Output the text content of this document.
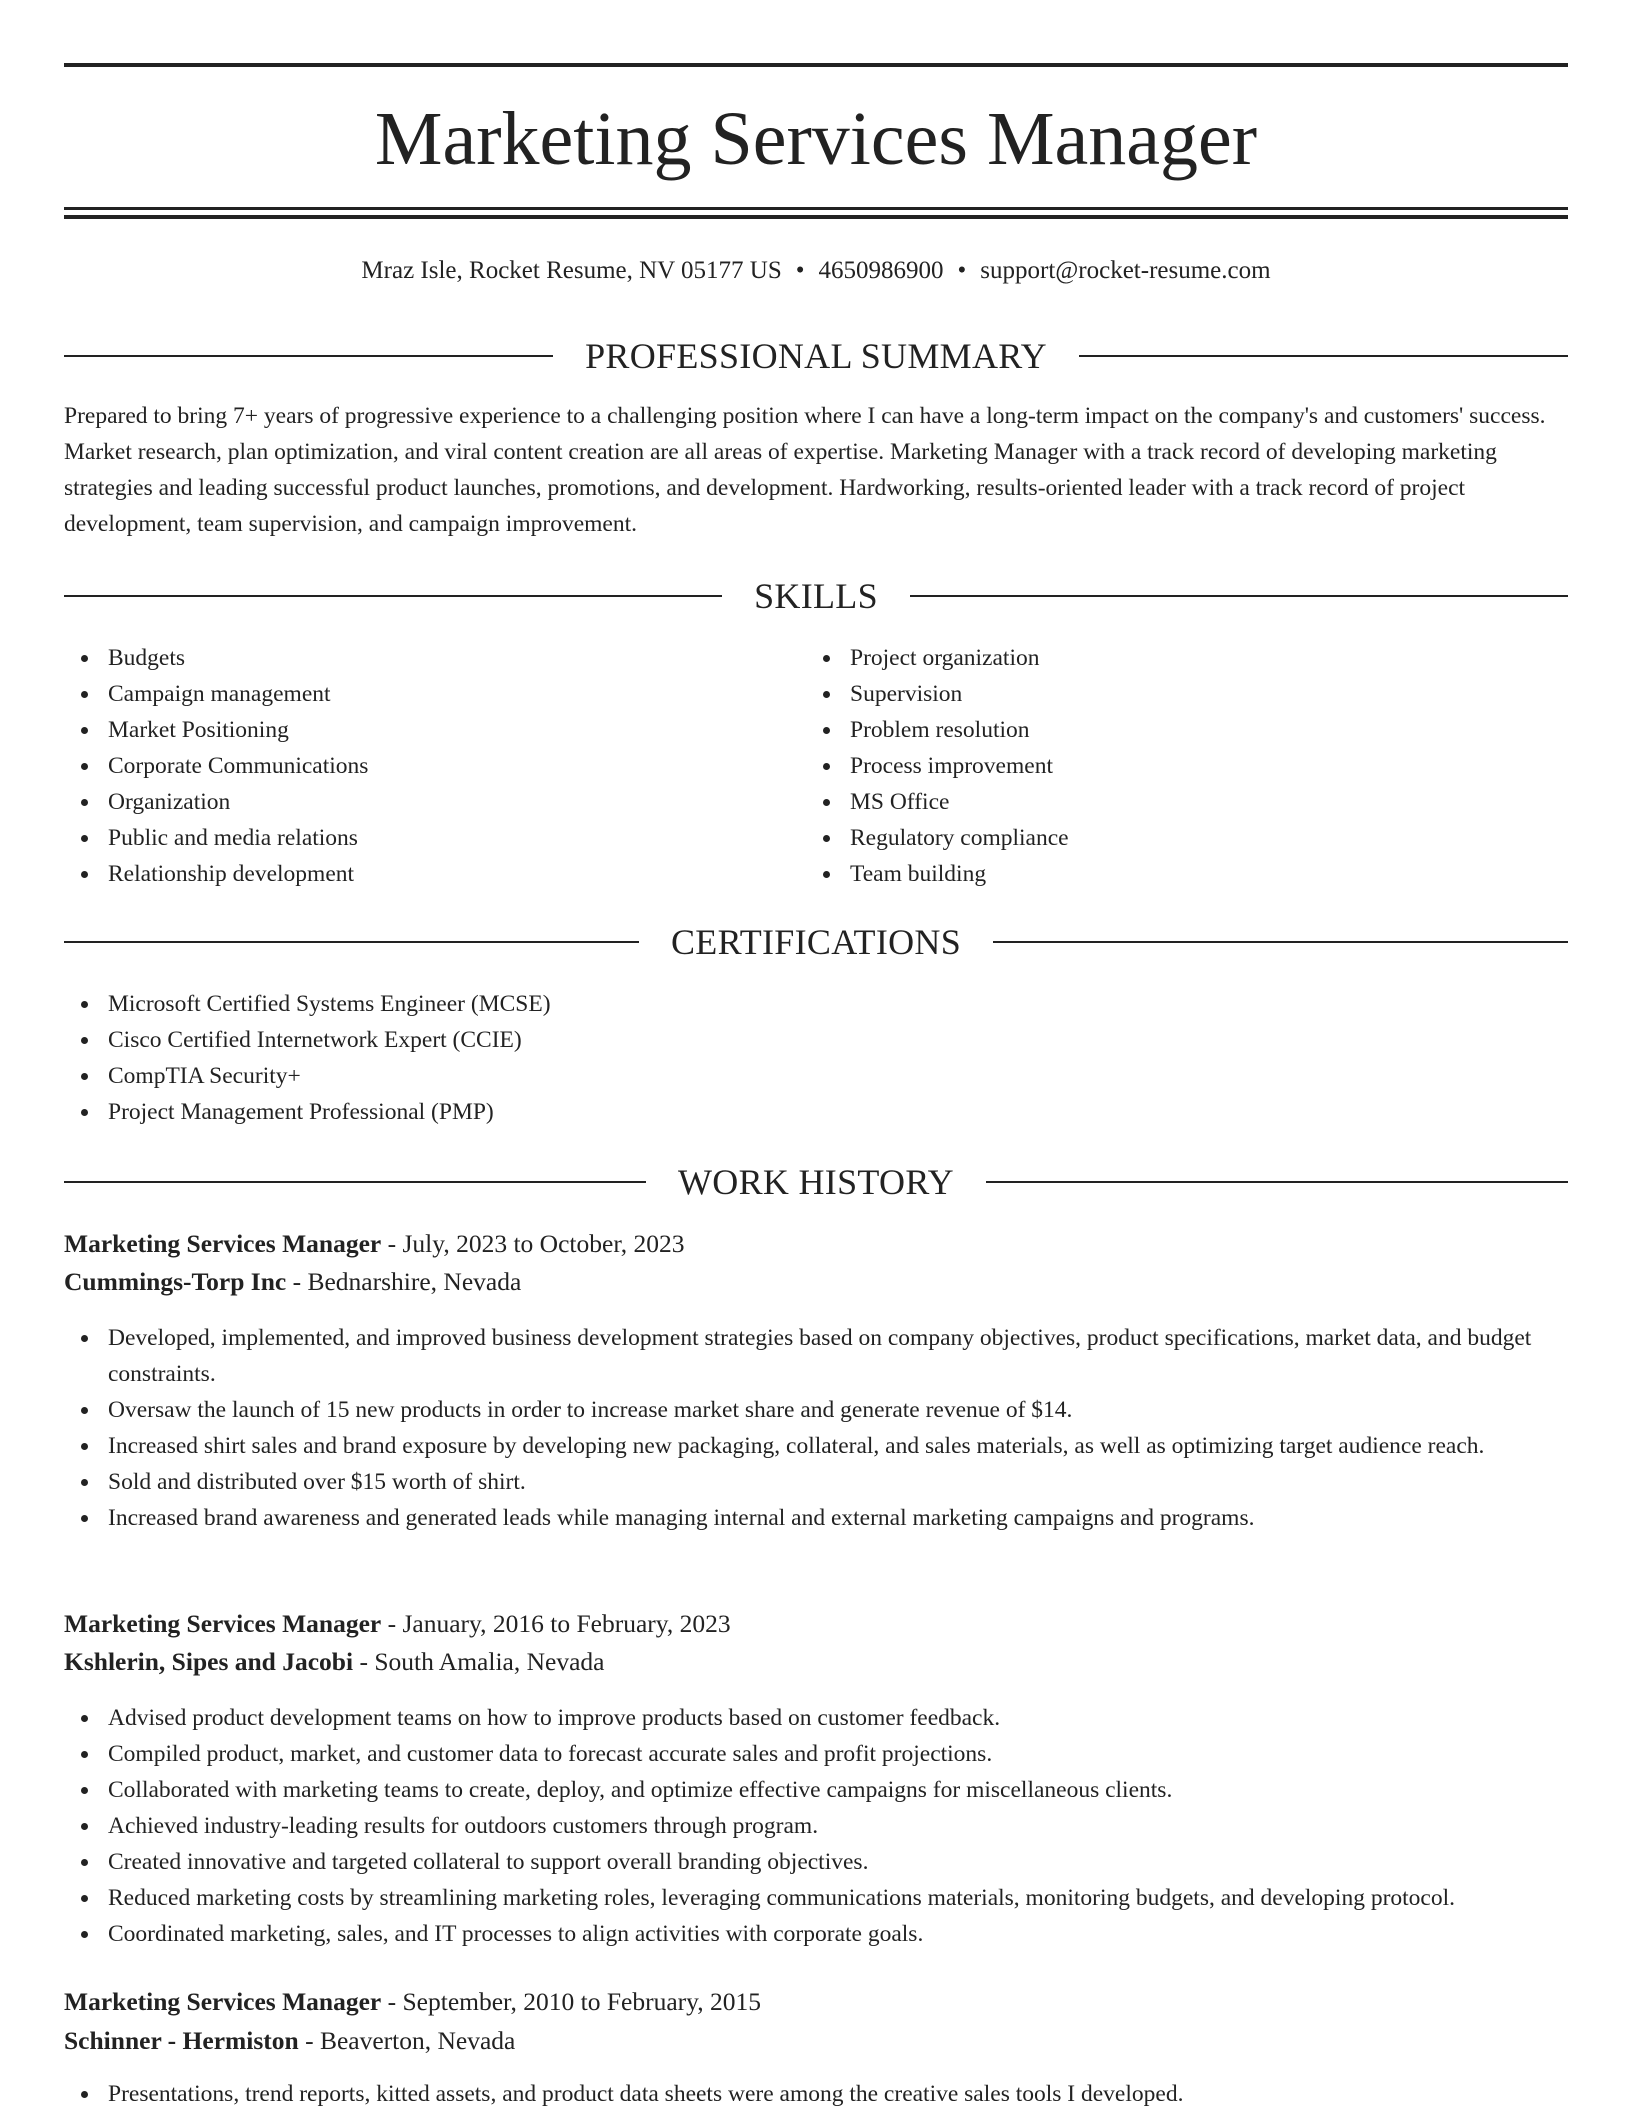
Marketing Services Manager
Mraz Isle, Rocket Resume, NV 05177 US • 4650986900 • support@rocket-resume.com
PROFESSIONAL SUMMARY

Prepared to bring 7+ years of progressive experience to a challenging position where I can have a long-term impact on the company's and customers' success. Market research, plan optimization, and viral content creation are all areas of expertise. Marketing Manager with a track record of developing marketing strategies and leading successful product launches, promotions, and development. Hardworking, results-oriented leader with a track record of project development, team supervision, and campaign improvement.

SKILLS
Budgets
Campaign management
Market Positioning
Corporate Communications
Organization
Public and media relations
Relationship development
Project organization
Supervision
Problem resolution
Process improvement
MS Office
Regulatory compliance
Team building
CERTIFICATIONS
Microsoft Certified Systems Engineer (MCSE)
Cisco Certified Internetwork Expert (CCIE)
CompTIA Security+
Project Management Professional (PMP)
WORK HISTORY
Marketing Services Manager - July, 2023 to October, 2023
Cummings-Torp Inc - Bednarshire, Nevada
Developed, implemented, and improved business development strategies based on company objectives, product specifications, market data, and budget constraints.
Oversaw the launch of 15 new products in order to increase market share and generate revenue of $14.
Increased shirt sales and brand exposure by developing new packaging, collateral, and sales materials, as well as optimizing target audience reach.
Sold and distributed over $15 worth of shirt.
Increased brand awareness and generated leads while managing internal and external marketing campaigns and programs.
Marketing Services Manager - January, 2016 to February, 2023
Kshlerin, Sipes and Jacobi - South Amalia, Nevada
Advised product development teams on how to improve products based on customer feedback.
Compiled product, market, and customer data to forecast accurate sales and profit projections.
Collaborated with marketing teams to create, deploy, and optimize effective campaigns for miscellaneous clients.
Achieved industry-leading results for outdoors customers through program.
Created innovative and targeted collateral to support overall branding objectives.
Reduced marketing costs by streamlining marketing roles, leveraging communications materials, monitoring budgets, and developing protocol.
Coordinated marketing, sales, and IT processes to align activities with corporate goals.
Marketing Services Manager - September, 2010 to February, 2015
Schinner - Hermiston - Beaverton, Nevada
Presentations, trend reports, kitted assets, and product data sheets were among the creative sales tools I developed.
